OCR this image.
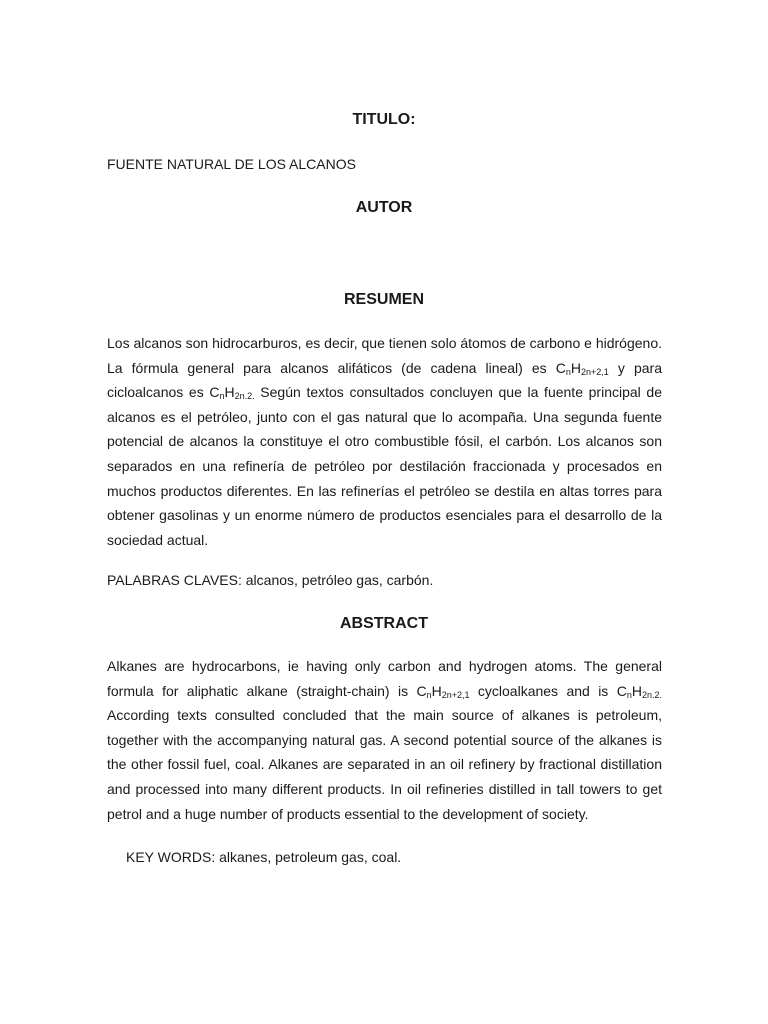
TITULO:

FUENTE NATURAL DE LOS ALCANOS

AUTOR
RESUMEN

Los alcanos son hidrocarburos, es decir, que tienen solo átomos de carbono e hidrógeno. La fórmula general para alcanos alifáticos (de cadena lineal) es $C_nH_{2n+2,1}$ y para cicloalcanos es $C_nH_{2n.2.}$ Según textos consultados concluyen que la fuente principal de alcanos es el petróleo, junto con el gas natural que lo acompaña. Una segunda fuente potencial de alcanos la constituye el otro combustible fósil, el carbón. Los alcanos son separados en una refinería de petróleo por destilación fraccionada y procesados en muchos productos diferentes. En las refinerías el petróleo se destila en altas torres para obtener gasolinas y un enorme número de productos esenciales para el desarrollo de la sociedad actual.

PALABRAS CLAVES: alcanos, petróleo gas, carbón.

ABSTRACT

Alkanes are hydrocarbons, ie having only carbon and hydrogen atoms. The general formula for aliphatic alkane (straight-chain) is $C_nH_{2n+2,1}$ cycloalkanes and is $C_nH_{2n.2.}$ According texts consulted concluded that the main source of alkanes is petroleum, together with the accompanying natural gas. A second potential source of the alkanes is the other fossil fuel, coal. Alkanes are separated in an oil refinery by fractional distillation and processed into many different products. In oil refineries distilled in tall towers to get petrol and a huge number of products essential to the development of society.

KEY WORDS: alkanes, petroleum gas, coal.
